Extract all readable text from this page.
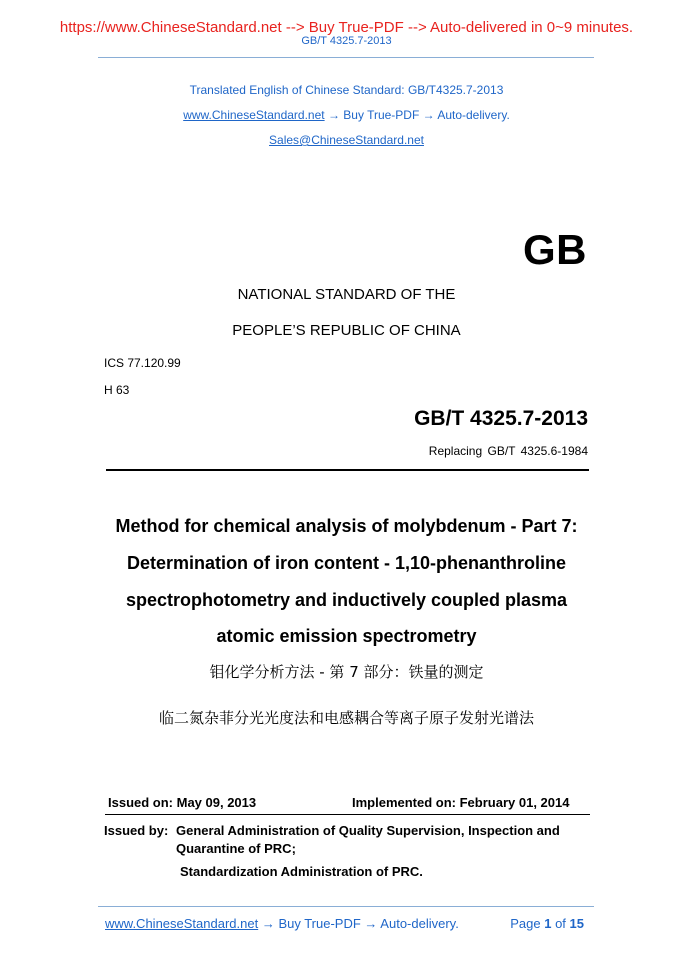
https://www.ChineseStandard.net --> Buy True-PDF --> Auto-delivered in 0~9 minutes.
GB/T 4325.7-2013
Translated English of Chinese Standard: GB/T4325.7-2013
www.ChineseStandard.net → Buy True-PDF → Auto-delivery.
Sales@ChineseStandard.net
GB
NATIONAL STANDARD OF THE
PEOPLE’S REPUBLIC OF CHINA
ICS 77.120.99
H 63
GB/T 4325.7-2013
Replacing GB/T 4325.6-1984
Method for chemical analysis of molybdenum - Part 7:
Determination of iron content - 1,10-phenanthroline
spectrophotometry and inductively coupled plasma
atomic emission spectrometry
钼化学分析方法 - 第 7 部分：铁量的测定
临二氮杂菲分光光度法和电感耦合等离子原子发射光谱法
Issued on: May 09, 2013	Implemented on: February 01, 2014
Issued by: General Administration of Quality Supervision, Inspection and
Quarantine of PRC;
Standardization Administration of PRC.
www.ChineseStandard.net → Buy True-PDF → Auto-delivery.	Page 1 of 15
